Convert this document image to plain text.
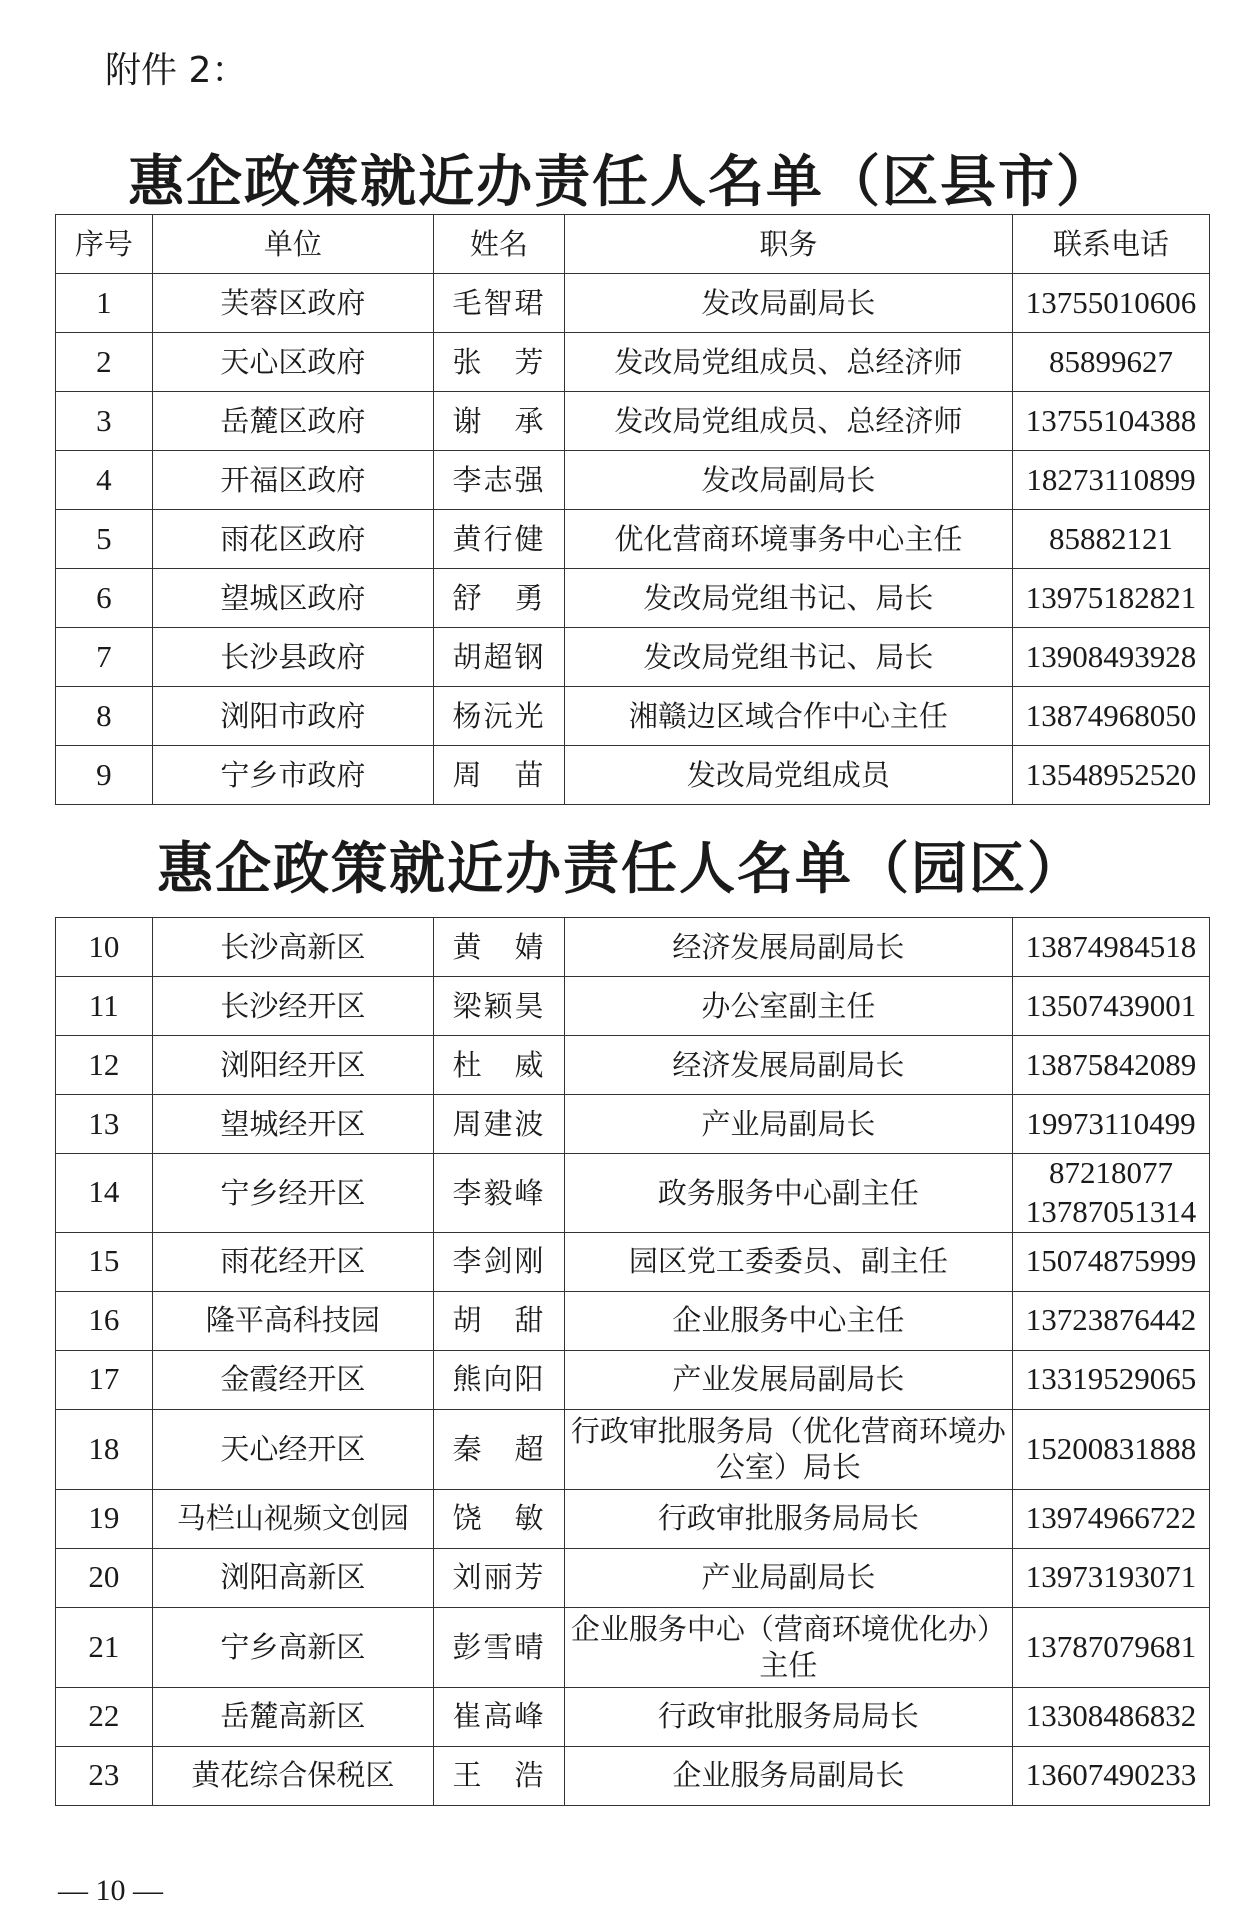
附件 2：
惠企政策就近办责任人名单（区县市）
序号	单位	姓名	职务	联系电话
1	芙蓉区政府	毛智珺	发改局副局长	13755010606
2	天心区政府	张　芳	发改局党组成员、总经济师	85899627
3	岳麓区政府	谢　承	发改局党组成员、总经济师	13755104388
4	开福区政府	李志强	发改局副局长	18273110899
5	雨花区政府	黄行健	优化营商环境事务中心主任	85882121
6	望城区政府	舒　勇	发改局党组书记、局长	13975182821
7	长沙县政府	胡超钢	发改局党组书记、局长	13908493928
8	浏阳市政府	杨沅光	湘赣边区域合作中心主任	13874968050
9	宁乡市政府	周　苗	发改局党组成员	13548952520
惠企政策就近办责任人名单（园区）
10	长沙高新区	黄　婧	经济发展局副局长	13874984518
11	长沙经开区	梁颖昊	办公室副主任	13507439001
12	浏阳经开区	杜　威	经济发展局副局长	13875842089
13	望城经开区	周建波	产业局副局长	19973110499
14	宁乡经开区	李毅峰	政务服务中心副主任	87218077
13787051314

15	雨花经开区	李剑刚	园区党工委委员、副主任	15074875999
16	隆平高科技园	胡　甜	企业服务中心主任	13723876442
17	金霞经开区	熊向阳	产业发展局副局长	13319529065
18	天心经开区	秦　超	行政审批服务局（优化营商环境办公室）局长	15200831888
19	马栏山视频文创园	饶　敏	行政审批服务局局长	13974966722
20	浏阳高新区	刘丽芳	产业局副局长	13973193071
21	宁乡高新区	彭雪晴	企业服务中心（营商环境优化办）主任	13787079681
22	岳麓高新区	崔高峰	行政审批服务局局长	13308486832
23	黄花综合保税区	王　浩	企业服务局副局长	13607490233
— 10 —
